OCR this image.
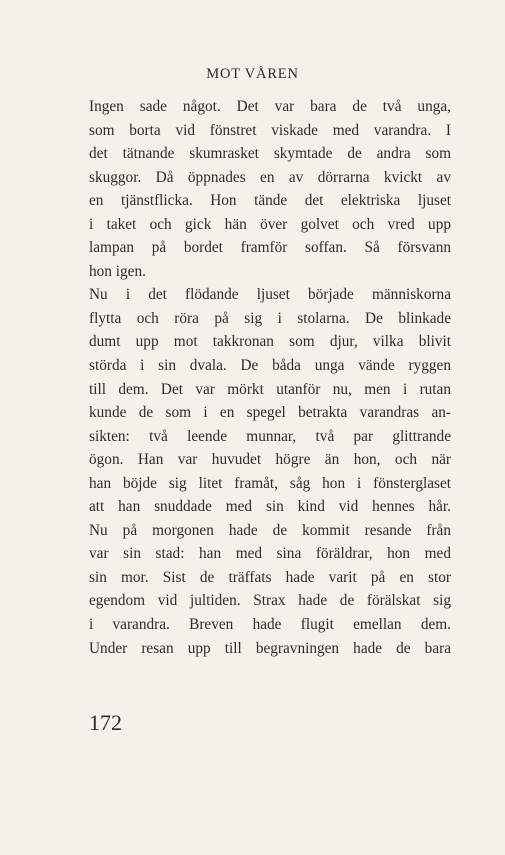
MOT VÅREN
Ingen sade något. Det var bara de två unga,
som borta vid fönstret viskade med varandra. I
det tätnande skumrasket skymtade de andra som
skuggor. Då öppnades en av dörrarna kvickt av
en tjänstflicka. Hon tände det elektriska ljuset
i taket och gick hän över golvet och vred upp
lampan på bordet framför soffan. Så försvann
hon igen.
Nu i det flödande ljuset började människorna
flytta och röra på sig i stolarna. De blinkade
dumt upp mot takkronan som djur, vilka blivit
störda i sin dvala. De båda unga vände ryggen
till dem. Det var mörkt utanför nu, men i rutan
kunde de som i en spegel betrakta varandras an-
sikten: två leende munnar, två par glittrande
ögon. Han var huvudet högre än hon, och när
han böjde sig litet framåt, såg hon i fönsterglaset
att han snuddade med sin kind vid hennes hår.
Nu på morgonen hade de kommit resande från
var sin stad: han med sina föräldrar, hon med
sin mor. Sist de träffats hade varit på en stor
egendom vid jultiden. Strax hade de förälskat sig
i varandra. Breven hade flugit emellan dem.
Under resan upp till begravningen hade de bara
172
